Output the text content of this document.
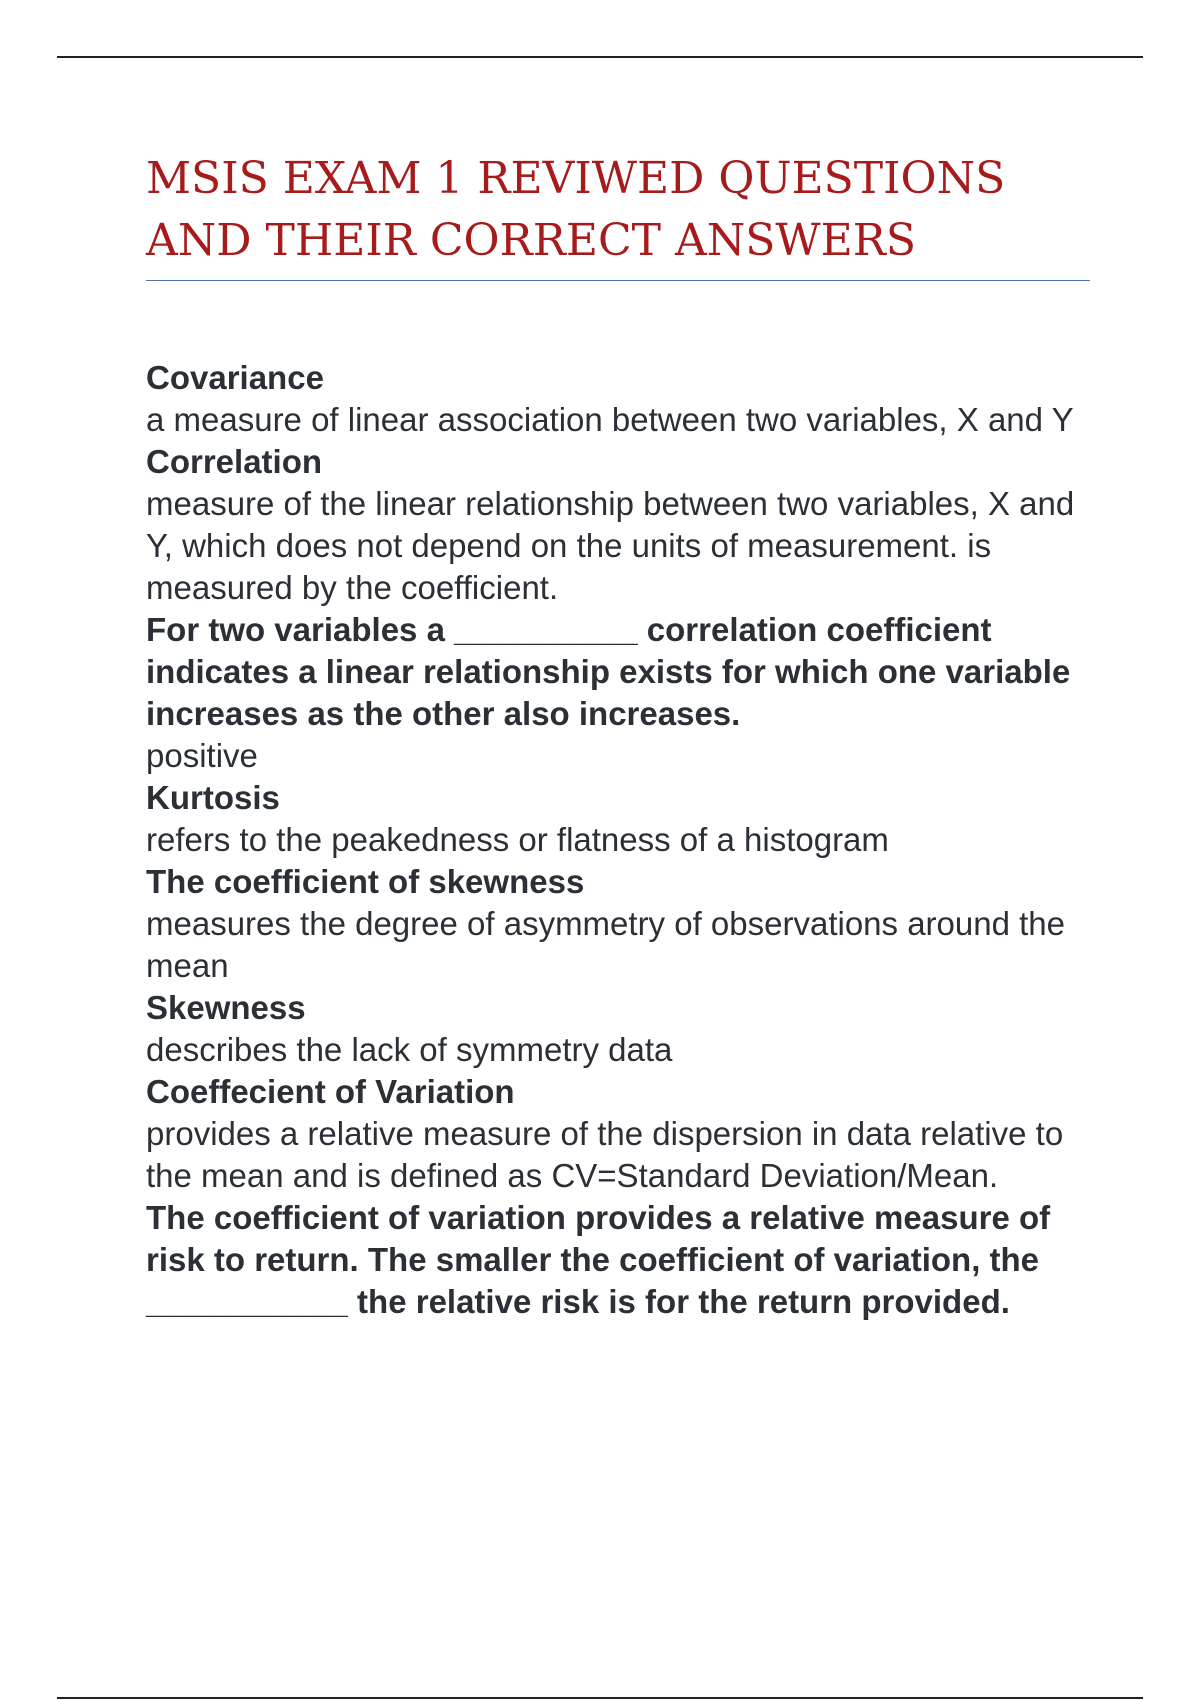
MSIS EXAM 1 REVIWED QUESTIONS AND THEIR CORRECT ANSWERS

Covariance

a measure of linear association between two variables, X and Y

Correlation

measure of the linear relationship between two variables, X and Y, which does not depend on the units of measurement. is measured by the coefficient.

For two variables a __________ correlation coefficient indicates a linear relationship exists for which one variable increases as the other also increases.

positive

Kurtosis

refers to the peakedness or flatness of a histogram

The coefficient of skewness

measures the degree of asymmetry of observations around the mean

Skewness

describes the lack of symmetry data

Coeffecient of Variation

provides a relative measure of the dispersion in data relative to the mean and is defined as CV=Standard Deviation/Mean.

The coefficient of variation provides a relative measure of risk to return. The smaller the coefficient of variation, the ___________ the relative risk is for the return provided.
